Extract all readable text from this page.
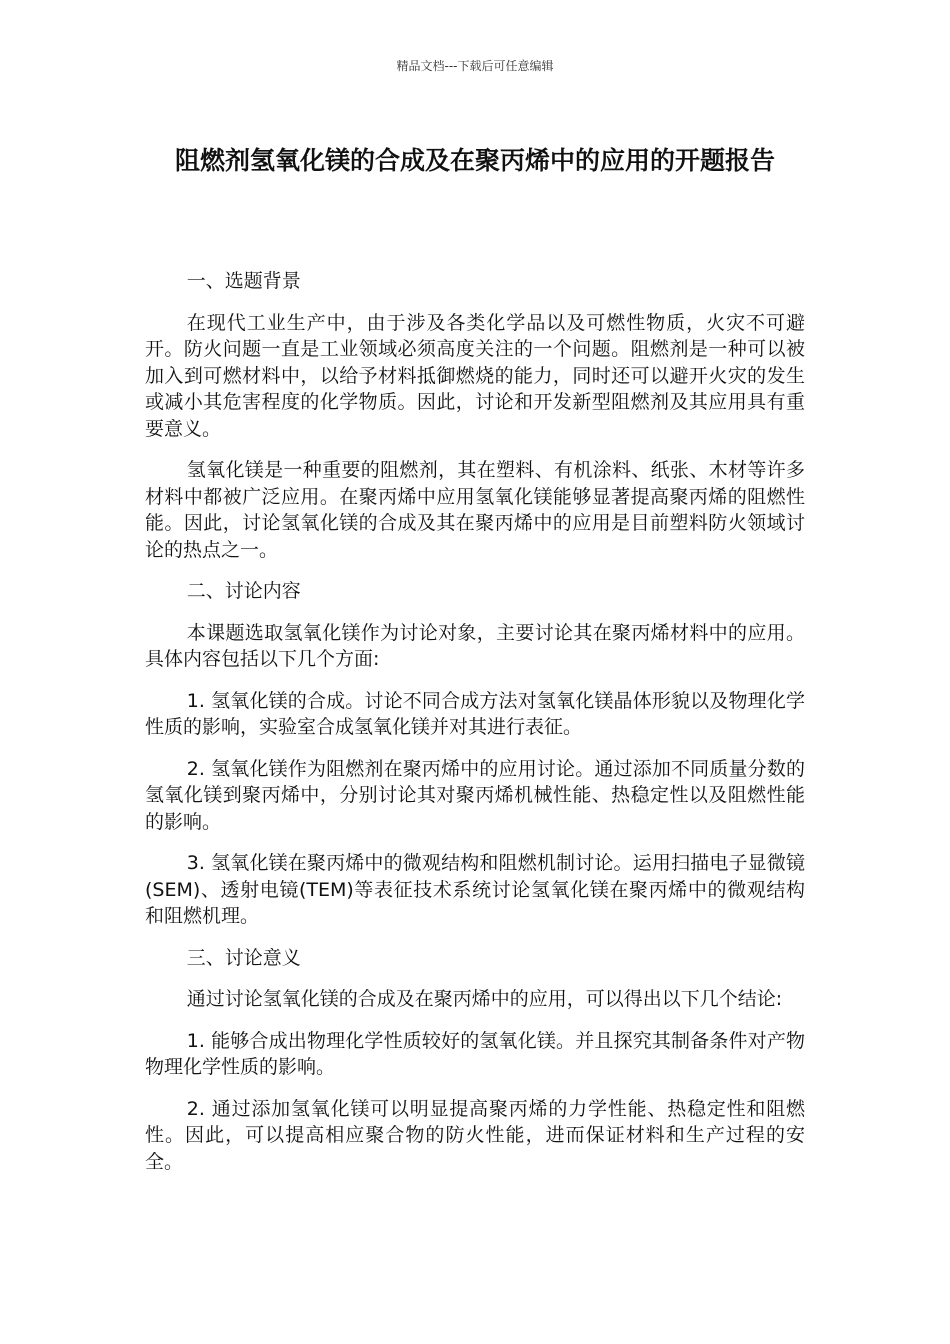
精品文档---下载后可任意编辑
阻燃剂氢氧化镁的合成及在聚丙烯中的应用的开题报告

一、选题背景

在现代工业生产中，由于涉及各类化学品以及可燃性物质，火灾不可避开。防火问题一直是工业领域必须高度关注的一个问题。阻燃剂是一种可以被加入到可燃材料中，以给予材料抵御燃烧的能力，同时还可以避开火灾的发生或减小其危害程度的化学物质。因此，讨论和开发新型阻燃剂及其应用具有重要意义。

氢氧化镁是一种重要的阻燃剂，其在塑料、有机涂料、纸张、木材等许多材料中都被广泛应用。在聚丙烯中应用氢氧化镁能够显著提高聚丙烯的阻燃性能。因此，讨论氢氧化镁的合成及其在聚丙烯中的应用是目前塑料防火领域讨论的热点之一。

二、讨论内容

本课题选取氢氧化镁作为讨论对象，主要讨论其在聚丙烯材料中的应用。具体内容包括以下几个方面:

1. 氢氧化镁的合成。讨论不同合成方法对氢氧化镁晶体形貌以及物理化学性质的影响，实验室合成氢氧化镁并对其进行表征。

2. 氢氧化镁作为阻燃剂在聚丙烯中的应用讨论。通过添加不同质量分数的氢氧化镁到聚丙烯中，分别讨论其对聚丙烯机械性能、热稳定性以及阻燃性能的影响。

3. 氢氧化镁在聚丙烯中的微观结构和阻燃机制讨论。运用扫描电子显微镜 (SEM)、透射电镜(TEM)等表征技术系统讨论氢氧化镁在聚丙烯中的微观结构和阻燃机理。

三、讨论意义

通过讨论氢氧化镁的合成及在聚丙烯中的应用，可以得出以下几个结论:

1. 能够合成出物理化学性质较好的氢氧化镁。并且探究其制备条件对产物物理化学性质的影响。

2. 通过添加氢氧化镁可以明显提高聚丙烯的力学性能、热稳定性和阻燃性。因此，可以提高相应聚合物的防火性能，进而保证材料和生产过程的安全。
